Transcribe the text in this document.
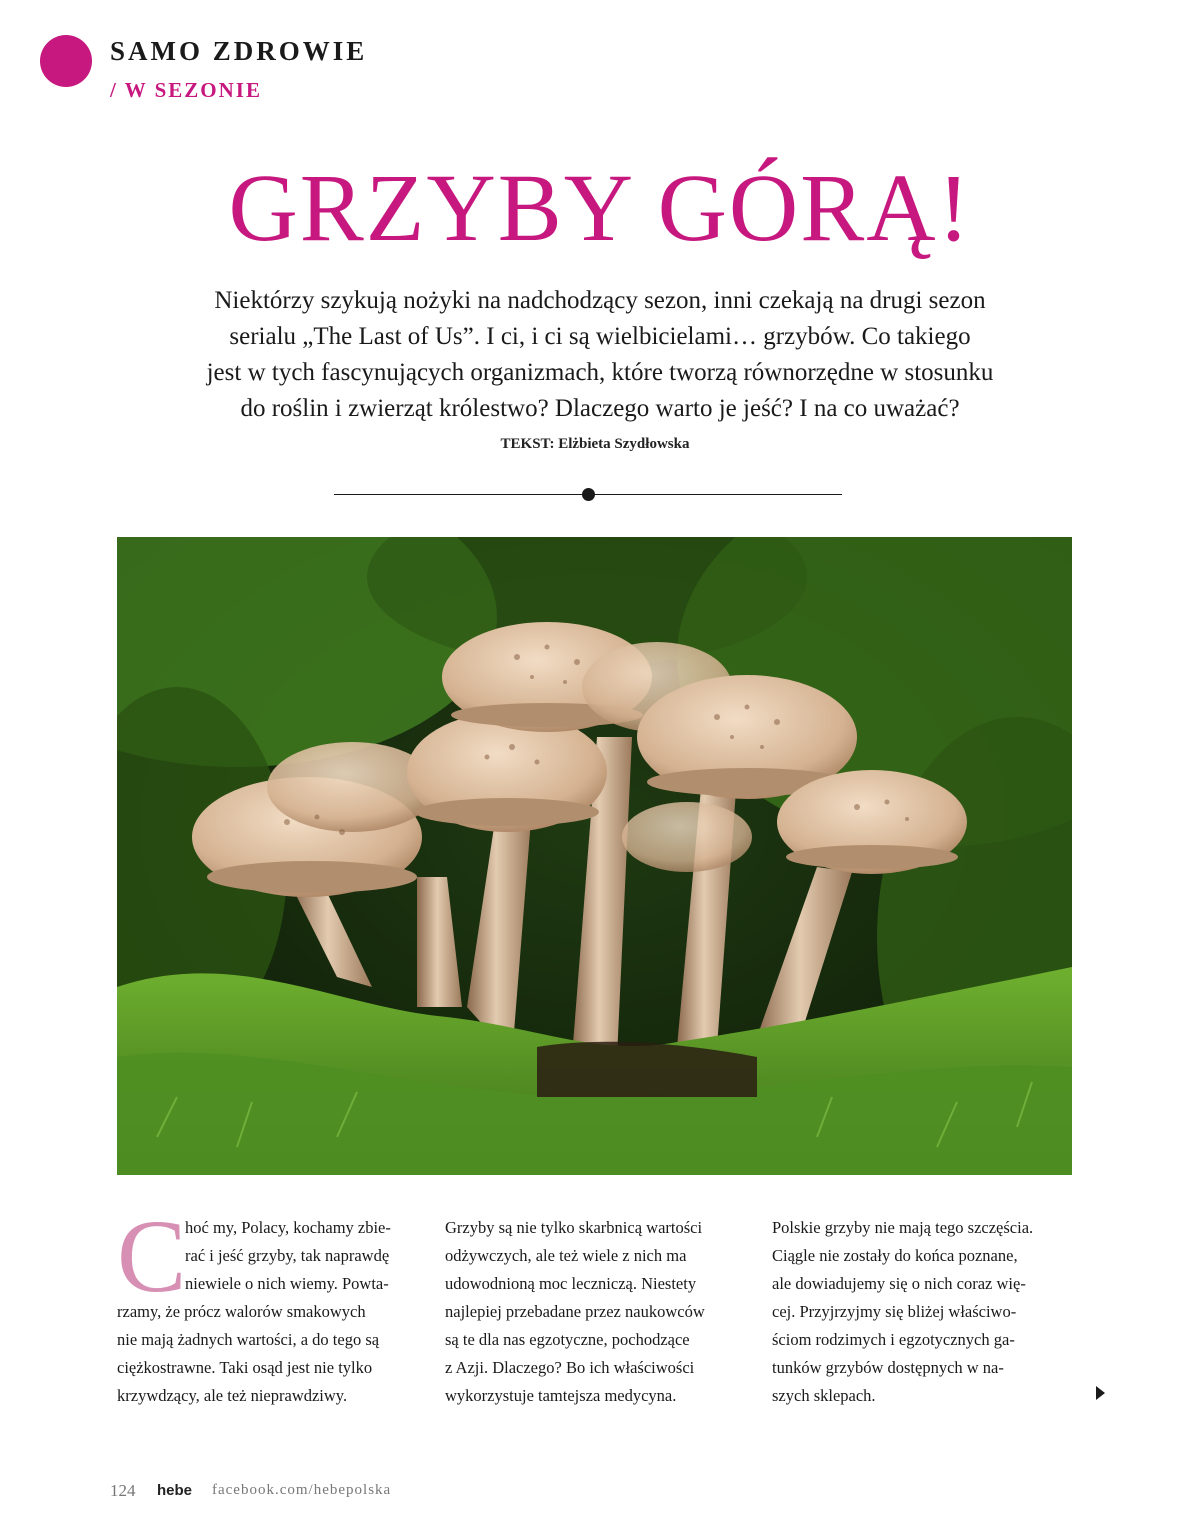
SAMO ZDROWIE
/ W SEZONIE
GRZYBY GÓRĄ!
Niektórzy szykują nożyki na nadchodzący sezon, inni czekają na drugi sezon
serialu „The Last of Us”. I ci, i ci są wielbicielami… grzybów. Co takiego
jest w tych fascynujących organizmach, które tworzą równorzędne w stosunku
do roślin i zwierząt królestwo? Dlaczego warto je jeść? I na co uważać?
TEKST: Elżbieta Szydłowska
C
hoć my, Polacy, kochamy zbie-
rać i jeść grzyby, tak naprawdę
niewiele o nich wiemy. Powta-
rzamy, że prócz walorów smakowych
nie mają żadnych wartości, a do tego są
ciężkostrawne. Taki osąd jest nie tylko
krzywdzący, ale też nieprawdziwy.
Grzyby są nie tylko skarbnicą wartości
odżywczych, ale też wiele z nich ma
udowodnioną moc leczniczą. Niestety
najlepiej przebadane przez naukowców
są te dla nas egzotyczne, pochodzące
z Azji. Dlaczego? Bo ich właściwości
wykorzystuje tamtejsza medycyna.
Polskie grzyby nie mają tego szczęścia.
Ciągle nie zostały do końca poznane,
ale dowiadujemy się o nich coraz wię-
cej. Przyjrzyjmy się bliżej właściwo-
ściom rodzimych i egzotycznych ga-
tunków grzybów dostępnych w na-
szych sklepach.
124 hebe facebook.com/hebepolska
